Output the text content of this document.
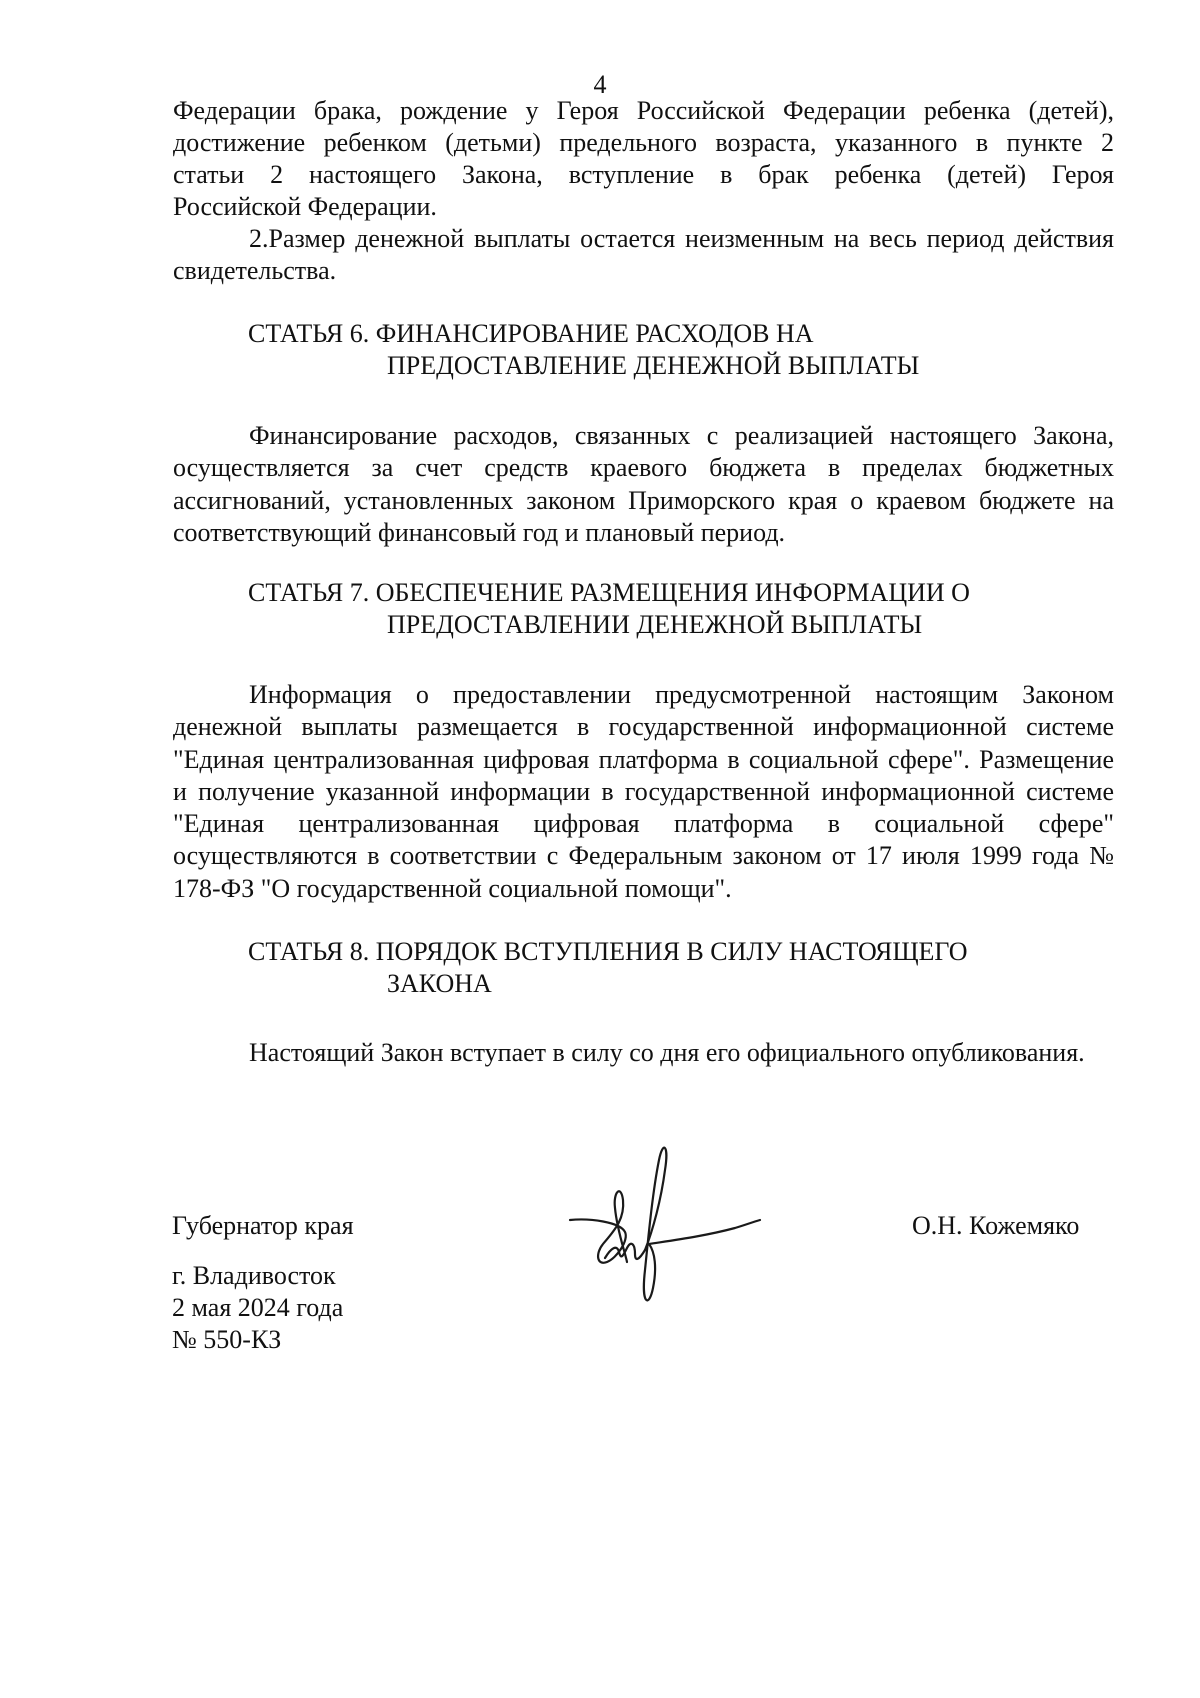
4
Федерации брака, рождение у Героя Российской Федерации ребенка (детей),
достижение ребенком (детьми) предельного возраста, указанного в пункте 2
статьи 2 настоящего Закона, вступление в брак ребенка (детей) Героя
Российской Федерации.

2.Размер денежной выплаты остается неизменным на весь период действия свидетельства.

СТАТЬЯ 6. ФИНАНСИРОВАНИЕ РАСХОДОВ НА

ПРЕДОСТАВЛЕНИЕ ДЕНЕЖНОЙ ВЫПЛАТЫ

Финансирование расходов, связанных с реализацией настоящего Закона, осуществляется за счет средств краевого бюджета в пределах бюджетных ассигнований, установленных законом Приморского края о краевом бюджете на соответствующий финансовый год и плановый период.

СТАТЬЯ 7. ОБЕСПЕЧЕНИЕ РАЗМЕЩЕНИЯ ИНФОРМАЦИИ О

ПРЕДОСТАВЛЕНИИ ДЕНЕЖНОЙ ВЫПЛАТЫ

Информация о предоставлении предусмотренной настоящим Законом денежной выплаты размещается в государственной информационной системе "Единая централизованная цифровая платформа в социальной сфере". Размещение и получение указанной информации в государственной информационной системе "Единая централизованная цифровая платформа в социальной сфере" осуществляются в соответствии с Федеральным законом от 17 июля 1999 года № 178-ФЗ "О государственной социальной помощи".

СТАТЬЯ 8. ПОРЯДОК ВСТУПЛЕНИЯ В СИЛУ НАСТОЯЩЕГО

ЗАКОНА

Настоящий Закон вступает в силу со дня его официального опубликования.

Губернатор края	О.Н. Кожемяко

г. Владивосток

2 мая 2024 года

№ 550-КЗ
